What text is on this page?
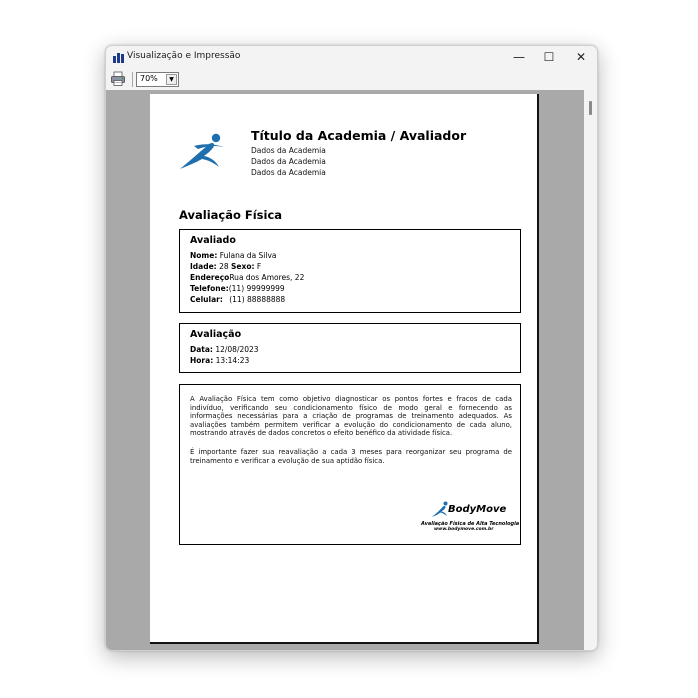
Visualização e Impressão	—	☐	✕
70%	▼
Título da Academia / Avaliador
Dados da Academia
Dados da Academia
Dados da Academia
Avaliação Física
Avaliado
Nome: Fulana da Silva
Idade: 28 Sexo: F
EndereçoRua dos Amores, 22
Telefone:(11) 99999999
Celular: (11) 88888888
Avaliação
Data: 12/08/2023
Hora: 13:14:23

A Avaliação Física tem como objetivo diagnosticar os pontos fortes e fracos de cada indivíduo, verificando seu condicionamento físico de modo geral e fornecendo as informações necessárias para a criação de programas de treinamento adequados. As avaliações também permitem verificar a evolução do condicionamento de cada aluno, mostrando através de dados concretos o efeito benéfico da atividade física.

É importante fazer sua reavaliação a cada 3 meses para reorganizar seu programa de treinamento e verificar a evolução de sua aptidão física.

BodyMove
Avaliação Física de Alta Tecnologia
www.bodymove.com.br
